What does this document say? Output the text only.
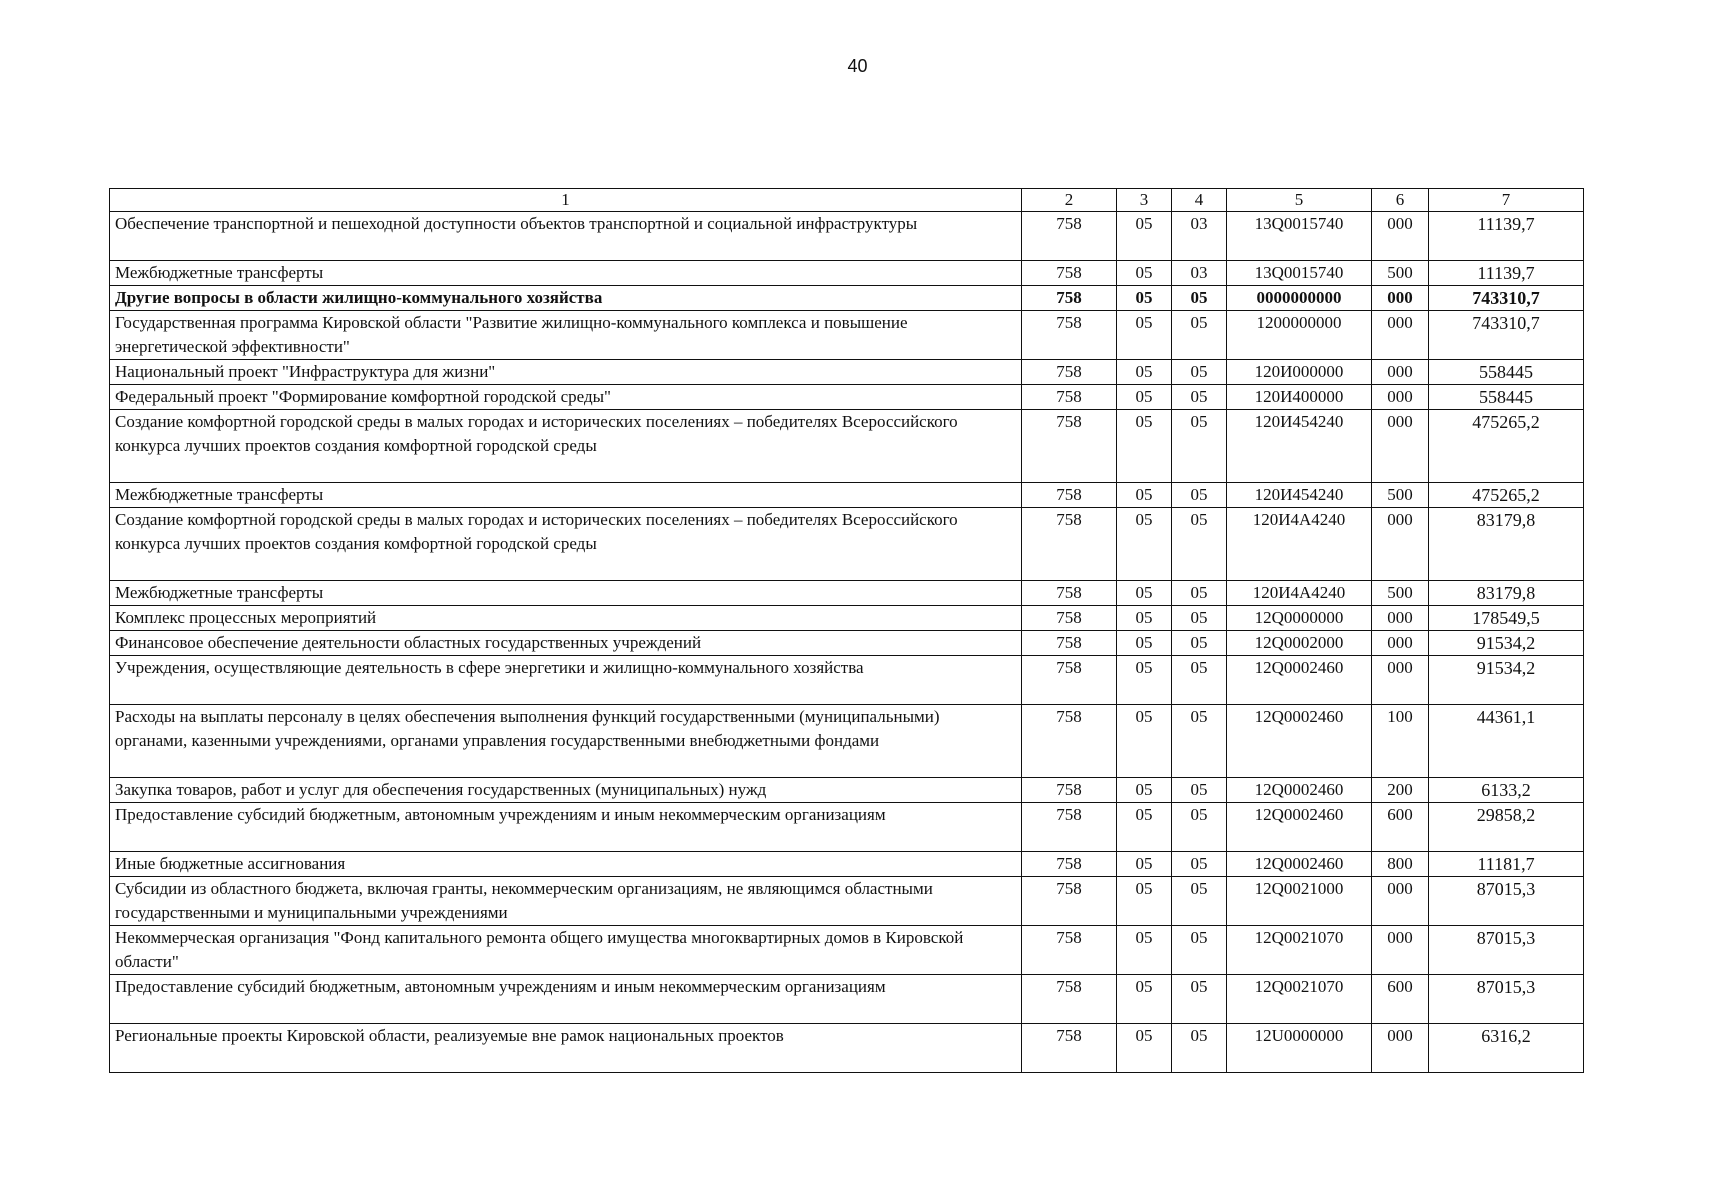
40
1	2	3	4	5	6	7
Обеспечение транспортной и пешеходной доступности объектов транспортной и социальной инфраструктуры	758	05	03	13Q0015740	000	11139,7
Межбюджетные трансферты	758	05	03	13Q0015740	500	11139,7
Другие вопросы в области жилищно-коммунального хозяйства	758	05	05	0000000000	000	743310,7
Государственная программа Кировской области "Развитие жилищно-коммунального комплекса и повышение энергетической эффективности"	758	05	05	1200000000	000	743310,7
Национальный проект "Инфраструктура для жизни"	758	05	05	120И000000	000	558445
Федеральный проект "Формирование комфортной городской среды"	758	05	05	120И400000	000	558445
Создание комфортной городской среды в малых городах и исторических поселениях – победителях Всероссийского конкурса лучших проектов создания комфортной городской среды	758	05	05	120И454240	000	475265,2
Межбюджетные трансферты	758	05	05	120И454240	500	475265,2
Создание комфортной городской среды в малых городах и исторических поселениях – победителях Всероссийского конкурса лучших проектов создания комфортной городской среды	758	05	05	120И4А4240	000	83179,8
Межбюджетные трансферты	758	05	05	120И4А4240	500	83179,8
Комплекс процессных мероприятий	758	05	05	12Q0000000	000	178549,5
Финансовое обеспечение деятельности областных государственных учреждений	758	05	05	12Q0002000	000	91534,2
Учреждения, осуществляющие деятельность в сфере энергетики и жилищно-коммунального хозяйства	758	05	05	12Q0002460	000	91534,2
Расходы на выплаты персоналу в целях обеспечения выполнения функций государственными (муниципальными) органами, казенными учреждениями, органами управления государственными внебюджетными фондами	758	05	05	12Q0002460	100	44361,1
Закупка товаров, работ и услуг для обеспечения государственных (муниципальных) нужд	758	05	05	12Q0002460	200	6133,2
Предоставление субсидий бюджетным, автономным учреждениям и иным некоммерческим организациям	758	05	05	12Q0002460	600	29858,2
Иные бюджетные ассигнования	758	05	05	12Q0002460	800	11181,7
Субсидии из областного бюджета, включая гранты, некоммерческим организациям, не являющимся областными государственными и муниципальными учреждениями	758	05	05	12Q0021000	000	87015,3
Некоммерческая организация "Фонд капитального ремонта общего имущества многоквартирных домов в Кировской области"	758	05	05	12Q0021070	000	87015,3
Предоставление субсидий бюджетным, автономным учреждениям и иным некоммерческим организациям	758	05	05	12Q0021070	600	87015,3
Региональные проекты Кировской области, реализуемые вне рамок национальных проектов	758	05	05	12U0000000	000	6316,2
